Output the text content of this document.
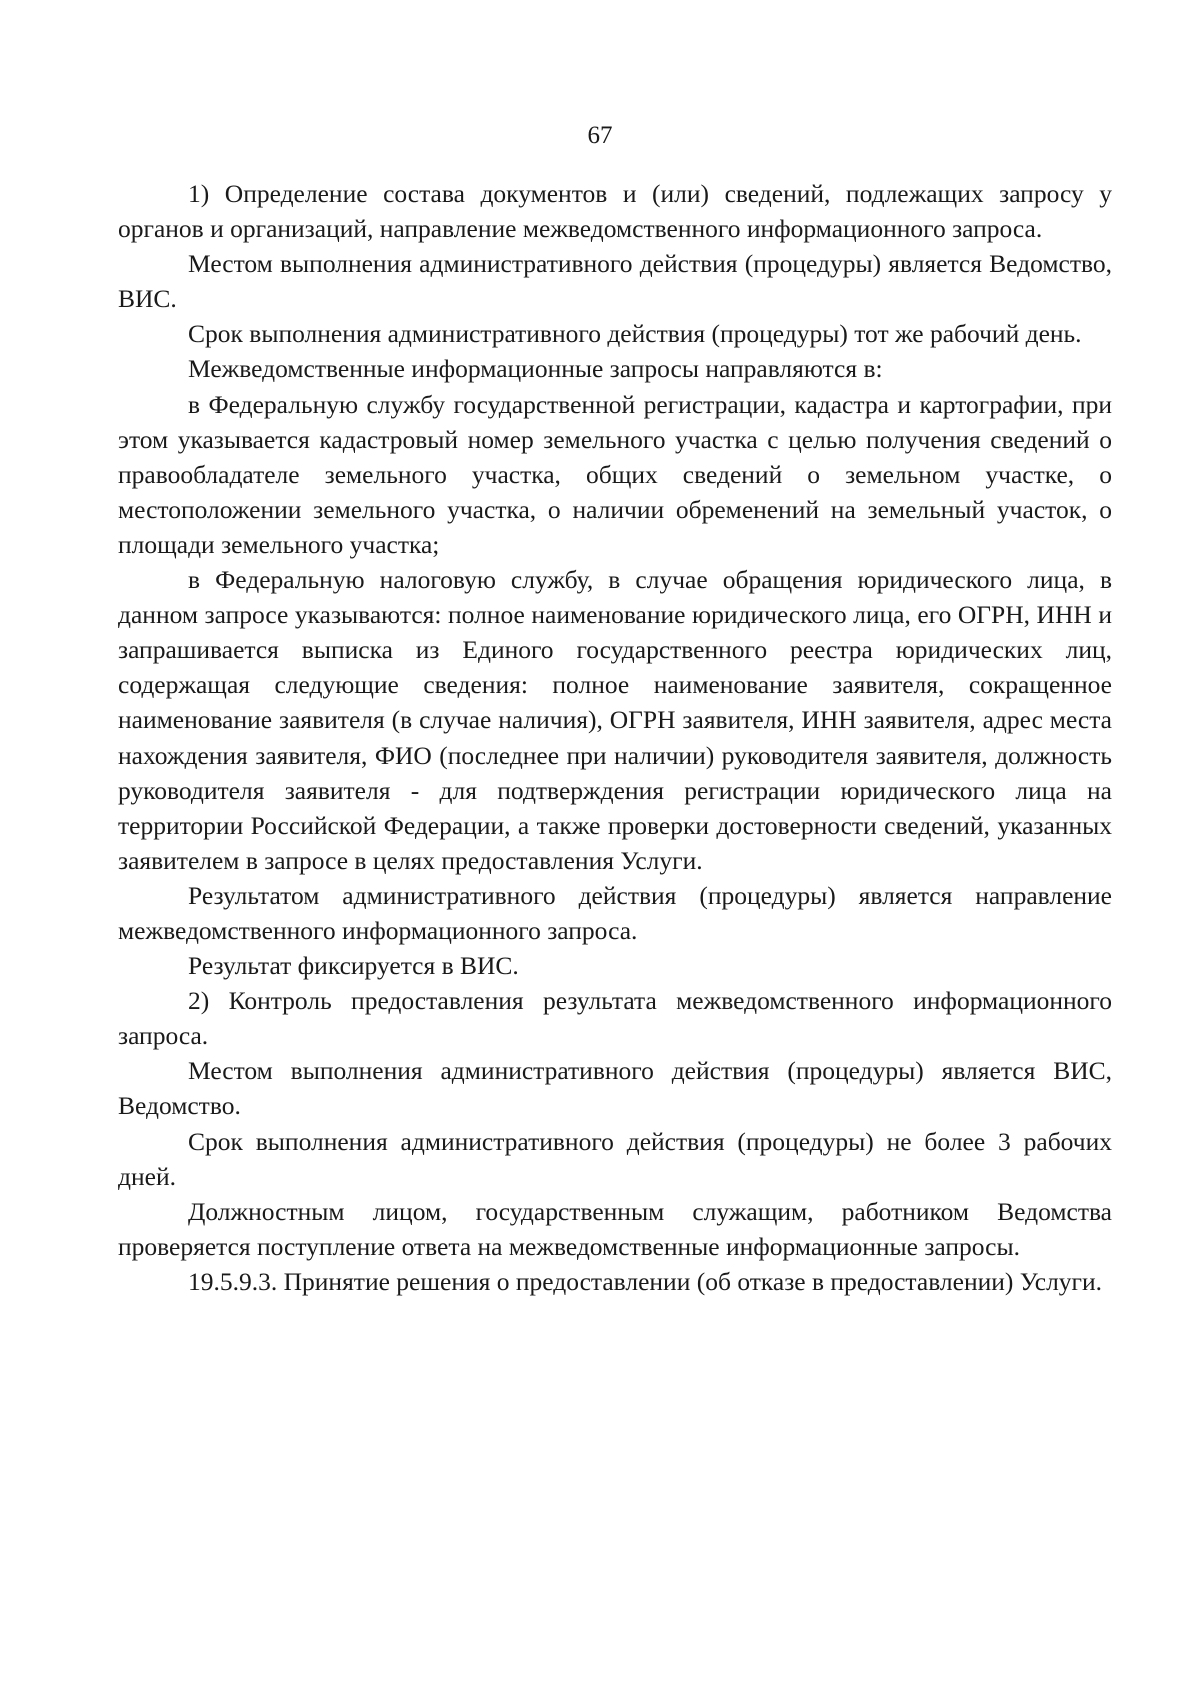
67

1) Определение состава документов и (или) сведений, подлежащих запросу у органов и организаций, направление межведомственного информационного запроса.

Местом выполнения административного действия (процедуры) является Ведомство, ВИС.

Срок выполнения административного действия (процедуры) тот же рабочий день.

Межведомственные информационные запросы направляются в:

в Федеральную службу государственной регистрации, кадастра и картографии, при этом указывается кадастровый номер земельного участка с целью получения сведений о правообладателе земельного участка, общих сведений о земельном участке, о местоположении земельного участка, о наличии обременений на земельный участок, о площади земельного участка;

в Федеральную налоговую службу, в случае обращения юридического лица, в данном запросе указываются: полное наименование юридического лица, его ОГРН, ИНН и запрашивается выписка из Единого государственного реестра юридических лиц, содержащая следующие сведения: полное наименование заявителя, сокращенное наименование заявителя (в случае наличия), ОГРН заявителя, ИНН заявителя, адрес места нахождения заявителя, ФИО (последнее при наличии) руководителя заявителя, должность руководителя заявителя - для подтверждения регистрации юридического лица на территории Российской Федерации, а также проверки достоверности сведений, указанных заявителем в запросе в целях предоставления Услуги.

Результатом административного действия (процедуры) является направление межведомственного информационного запроса.

Результат фиксируется в ВИС.

2) Контроль предоставления результата межведомственного информационного запроса.

Местом выполнения административного действия (процедуры) является ВИС, Ведомство.

Срок выполнения административного действия (процедуры) не более 3 рабочих дней.

Должностным лицом, государственным служащим, работником Ведомства проверяется поступление ответа на межведомственные информационные запросы.

19.5.9.3. Принятие решения о предоставлении (об отказе в предоставлении) Услуги.
